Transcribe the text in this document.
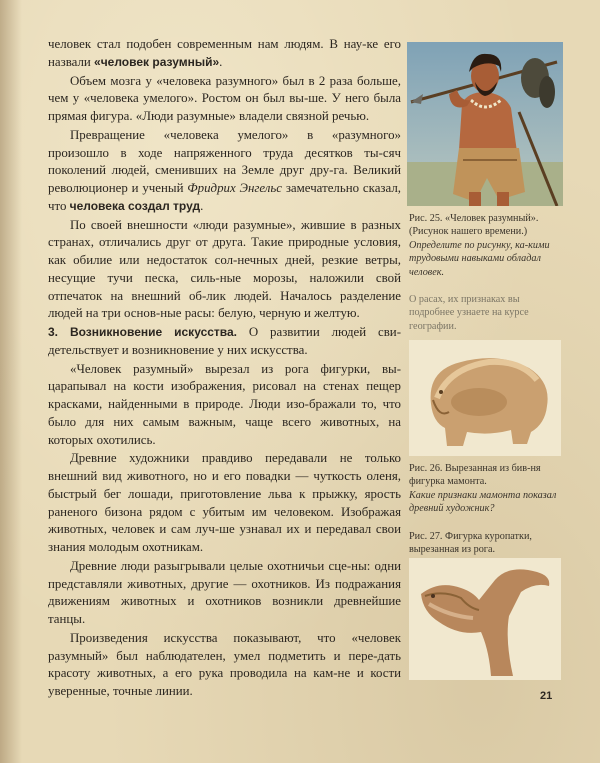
человек стал подобен современным нам людям. В нау-ке его назвали «человек разумный».

Объем мозга у «человека разумного» был в 2 раза больше, чем у «человека умелого». Ростом он был вы-ше. У него была прямая фигура. «Люди разумные» владели связной речью.

Превращение «человека умелого» в «разумного» произошло в ходе напряженного труда десятков ты-сяч поколений людей, сменивших на Земле друг дру-га. Великий революционер и ученый Фридрих Энгельс замечательно сказал, что человека создал труд.

По своей внешности «люди разумные», жившие в разных странах, отличались друг от друга. Такие природные условия, как обилие или недостаток сол-нечных дней, резкие ветры, несущие тучи песка, силь-ные морозы, наложили свой отпечаток на внешний об-лик людей. Началось разделение людей на три основ-ные расы: белую, черную и желтую.

3. Возникновение искусства. О развитии людей сви-детельствует и возникновение у них искусства.

«Человек разумный» вырезал из рога фигурки, вы-царапывал на кости изображения, рисовал на стенах пещер красками, найденными в природе. Люди изо-бражали то, что было для них самым важным, чаще всего животных, на которых охотились.

Древние художники правдиво передавали не только внешний вид животного, но и его повадки — чуткость оленя, быстрый бег лошади, приготовление льва к прыжку, ярость раненого бизона рядом с убитым им человеком. Изображая животных, человек и сам луч-ше узнавал их и передавал свои знания молодым охотникам.

Древние люди разыгрывали целые охотничьи сце-ны: одни представляли животных, другие — охотников. Из подражания движениям животных и охотников возникли древнейшие танцы.

Произведения искусства показывают, что «человек разумный» был наблюдателен, умел подметить и пере-дать красоту животных, а его рука проводила на кам-не и кости уверенные, точные линии.

Рис. 25. «Человек разумный». (Рисунок нашего времени.)
Определите по рисунку, ка-кими трудовыми навыками обладал человек.
О расах, их признаках вы подробнее узнаете на курсе географии.
Рис. 26. Вырезанная из бив-ня фигурка мамонта.
Какие признаки мамонта показал древний художник?
Рис. 27. Фигурка куропатки, вырезанная из рога.
21
